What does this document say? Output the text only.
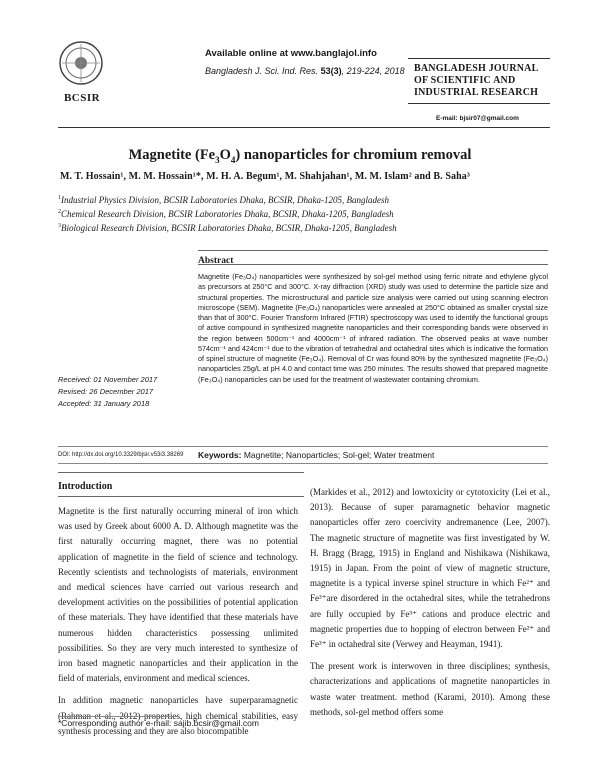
BCSIR
Available online at www.banglajol.info
Bangladesh J. Sci. Ind. Res. 53(3), 219-224, 2018 BANGLADESH JOURNAL
OF SCIENTIFIC AND
INDUSTRIAL RESEARCH
E-mail: bjsir07@gmail.com
Magnetite $(Fe_3O_4)$ nanoparticles for chromium removal
M. T. Hossain¹, M. M. Hossain¹*, M. H. A. Begum¹, M. Shahjahan¹, M. M. Islam² and B. Saha³
$^1$Industrial Physics Division, BCSIR Laboratories Dhaka, BCSIR, Dhaka-1205, Bangladesh
$^2$Chemical Research Division, BCSIR Laboratories Dhaka, BCSIR, Dhaka-1205, Bangladesh
$^3$Biological Research Division, BCSIR Laboratories Dhaka, BCSIR, Dhaka-1205, Bangladesh
Abstract
Magnetite (Fe₃O₄) nanoparticles were synthesized by sol-gel method using ferric nitrate and ethylene glycol as precursors at 250°C and 300°C. X-ray diffraction (XRD) study was used to determine the particle size and structural properties. The microstructural and particle size analysis were carried out using scanning electron microscope (SEM). Magnetite (Fe₃O₄) nanoparticles were annealed at 250°C obtained as smaller crystal size than that of 300°C. Fourier Transform Infrared (FTIR) spectroscopy was used to identify the functional groups of active compound in synthesized magnetite nanoparticles and their corresponding bands were observed in the region between 500cm⁻¹ and 4000cm⁻¹ of infrared radiation. The observed peaks at wave number 574cm⁻¹ and 424cm⁻¹ due to the vibration of tetrahedral and octahedral sites which is indicative the formation of spinel structure of magnetite (Fe₃O₄). Removal of Cr was found 80% by the synthesized magnetite (Fe₃O₄) nanoparticles 25g/L at pH 4.0 and contact time was 250 minutes. The results showed that prepared magnetite (Fe₃O₄) nanoparticles can be used for the treatment of wastewater containing chromium.
Received: 01 November 2017
Revised: 26 December 2017
Accepted: 31 January 2018
DOI: http://dx.doi.org/10.3329/bjsir.v53i3.38269 Keywords: Magnetite; Nanoparticles; Sol-gel; Water treatment
Introduction

Magnetite is the first naturally occurring mineral of iron which was used by Greek about 6000 A. D. Although magnetite was the first naturally occurring magnet, there was no potential application of magnetite in the field of science and technology. Recently scientists and technologists of materials, environment and medical sciences have carried out various research and development activities on the possibilities of potential application of these materials. They have identified that these materials have numerous hidden characteristics possessing unlimited possibilities. So they are very much interested to synthesize of iron based magnetic nanoparticles and their application in the field of materials, environment and medical sciences.

In addition magnetic nanoparticles have superparamagnetic (Rahman et al., 2012) properties, high chemical stabilities, easy synthesis processing and they are also biocompatible

(Markides et al., 2012) and lowtoxicity or cytotoxicity (Lei et al., 2013). Because of super paramagnetic behavior magnetic nanoparticles offer zero coercivity andremanence (Lee, 2007). The magnetic structure of magnetite was first investigated by W. H. Bragg (Bragg, 1915) in England and Nishikawa (Nishikawa, 1915) in Japan. From the point of view of magnetic structure, magnetite is a typical inverse spinel structure in which Fe²⁺ and Fe³⁺are disordered in the octahedral sites, while the tetrahedrons are fully occupied by Fe³⁺ cations and produce electric and magnetic properties due to hopping of electron between Fe²⁺ and Fe³⁺ in octahedral site (Verwey and Heayman, 1941).

The present work is interwoven in three disciplines; synthesis, characterizations and applications of magnetite nanoparticles in waste water treatment. method (Karami, 2010). Among these methods, sol-gel method offers some

*Corresponding author e-mail: sajib.bcsir@gmail.com
